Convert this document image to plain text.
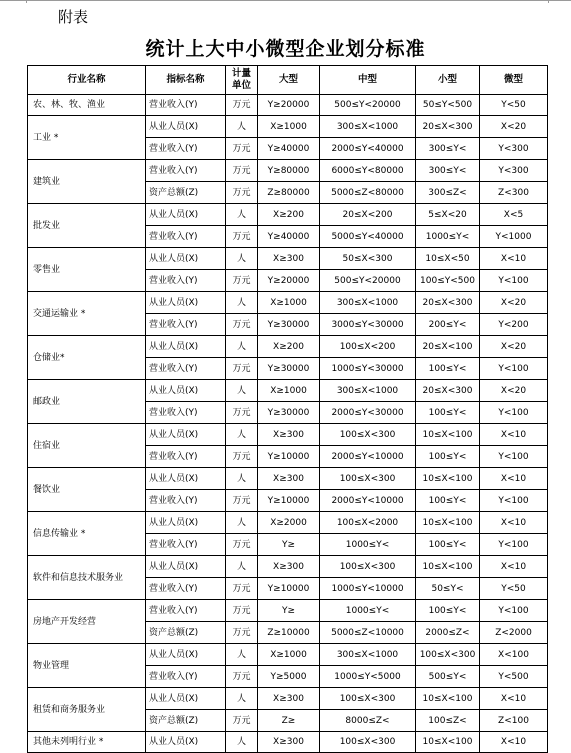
附表
统计上大中小微型企业划分标准
行业名称	指标名称	计量单位	大型	中型	小型	微型
农、林、牧、渔业	营业收入(Y)	万元	Y≥20000	500≤Y<20000	50≤Y<500	Y<50
工业 *	从业人员(X)	人	X≥1000	300≤X<1000	20≤X<300	X<20
	营业收入(Y)	万元	Y≥40000	2000≤Y<40000	300≤Y<	Y<300
建筑业	营业收入(Y)	万元	Y≥80000	6000≤Y<80000	300≤Y<	Y<300
	资产总额(Z)	万元	Z≥80000	5000≤Z<80000	300≤Z<	Z<300
批发业	从业人员(X)	人	X≥200	20≤X<200	5≤X<20	X<5
	营业收入(Y)	万元	Y≥40000	5000≤Y<40000	1000≤Y<	Y<1000
零售业	从业人员(X)	人	X≥300	50≤X<300	10≤X<50	X<10
	营业收入(Y)	万元	Y≥20000	500≤Y<20000	100≤Y<500	Y<100
交通运输业 *	从业人员(X)	人	X≥1000	300≤X<1000	20≤X<300	X<20
	营业收入(Y)	万元	Y≥30000	3000≤Y<30000	200≤Y<	Y<200
仓储业*	从业人员(X)	人	X≥200	100≤X<200	20≤X<100	X<20
	营业收入(Y)	万元	Y≥30000	1000≤Y<30000	100≤Y<	Y<100
邮政业	从业人员(X)	人	X≥1000	300≤X<1000	20≤X<300	X<20
	营业收入(Y)	万元	Y≥30000	2000≤Y<30000	100≤Y<	Y<100
住宿业	从业人员(X)	人	X≥300	100≤X<300	10≤X<100	X<10
	营业收入(Y)	万元	Y≥10000	2000≤Y<10000	100≤Y<	Y<100
餐饮业	从业人员(X)	人	X≥300	100≤X<300	10≤X<100	X<10
	营业收入(Y)	万元	Y≥10000	2000≤Y<10000	100≤Y<	Y<100
信息传输业 *	从业人员(X)	人	X≥2000	100≤X<2000	10≤X<100	X<10
	营业收入(Y)	万元	Y≥	1000≤Y<	100≤Y<	Y<100
软件和信息技术服务业	从业人员(X)	人	X≥300	100≤X<300	10≤X<100	X<10
	营业收入(Y)	万元	Y≥10000	1000≤Y<10000	50≤Y<	Y<50
房地产开发经营	营业收入(Y)	万元	Y≥	1000≤Y<	100≤Y<	Y<100
	资产总额(Z)	万元	Z≥10000	5000≤Z<10000	2000≤Z<	Z<2000
物业管理	从业人员(X)	人	X≥1000	300≤X<1000	100≤X<300	X<100
	营业收入(Y)	万元	Y≥5000	1000≤Y<5000	500≤Y<	Y<500
租赁和商务服务业	从业人员(X)	人	X≥300	100≤X<300	10≤X<100	X<10
	资产总额(Z)	万元	Z≥	8000≤Z<	100≤Z<	Z<100
其他未列明行业 *	从业人员(X)	人	X≥300	100≤X<300	10≤X<100	X<10
